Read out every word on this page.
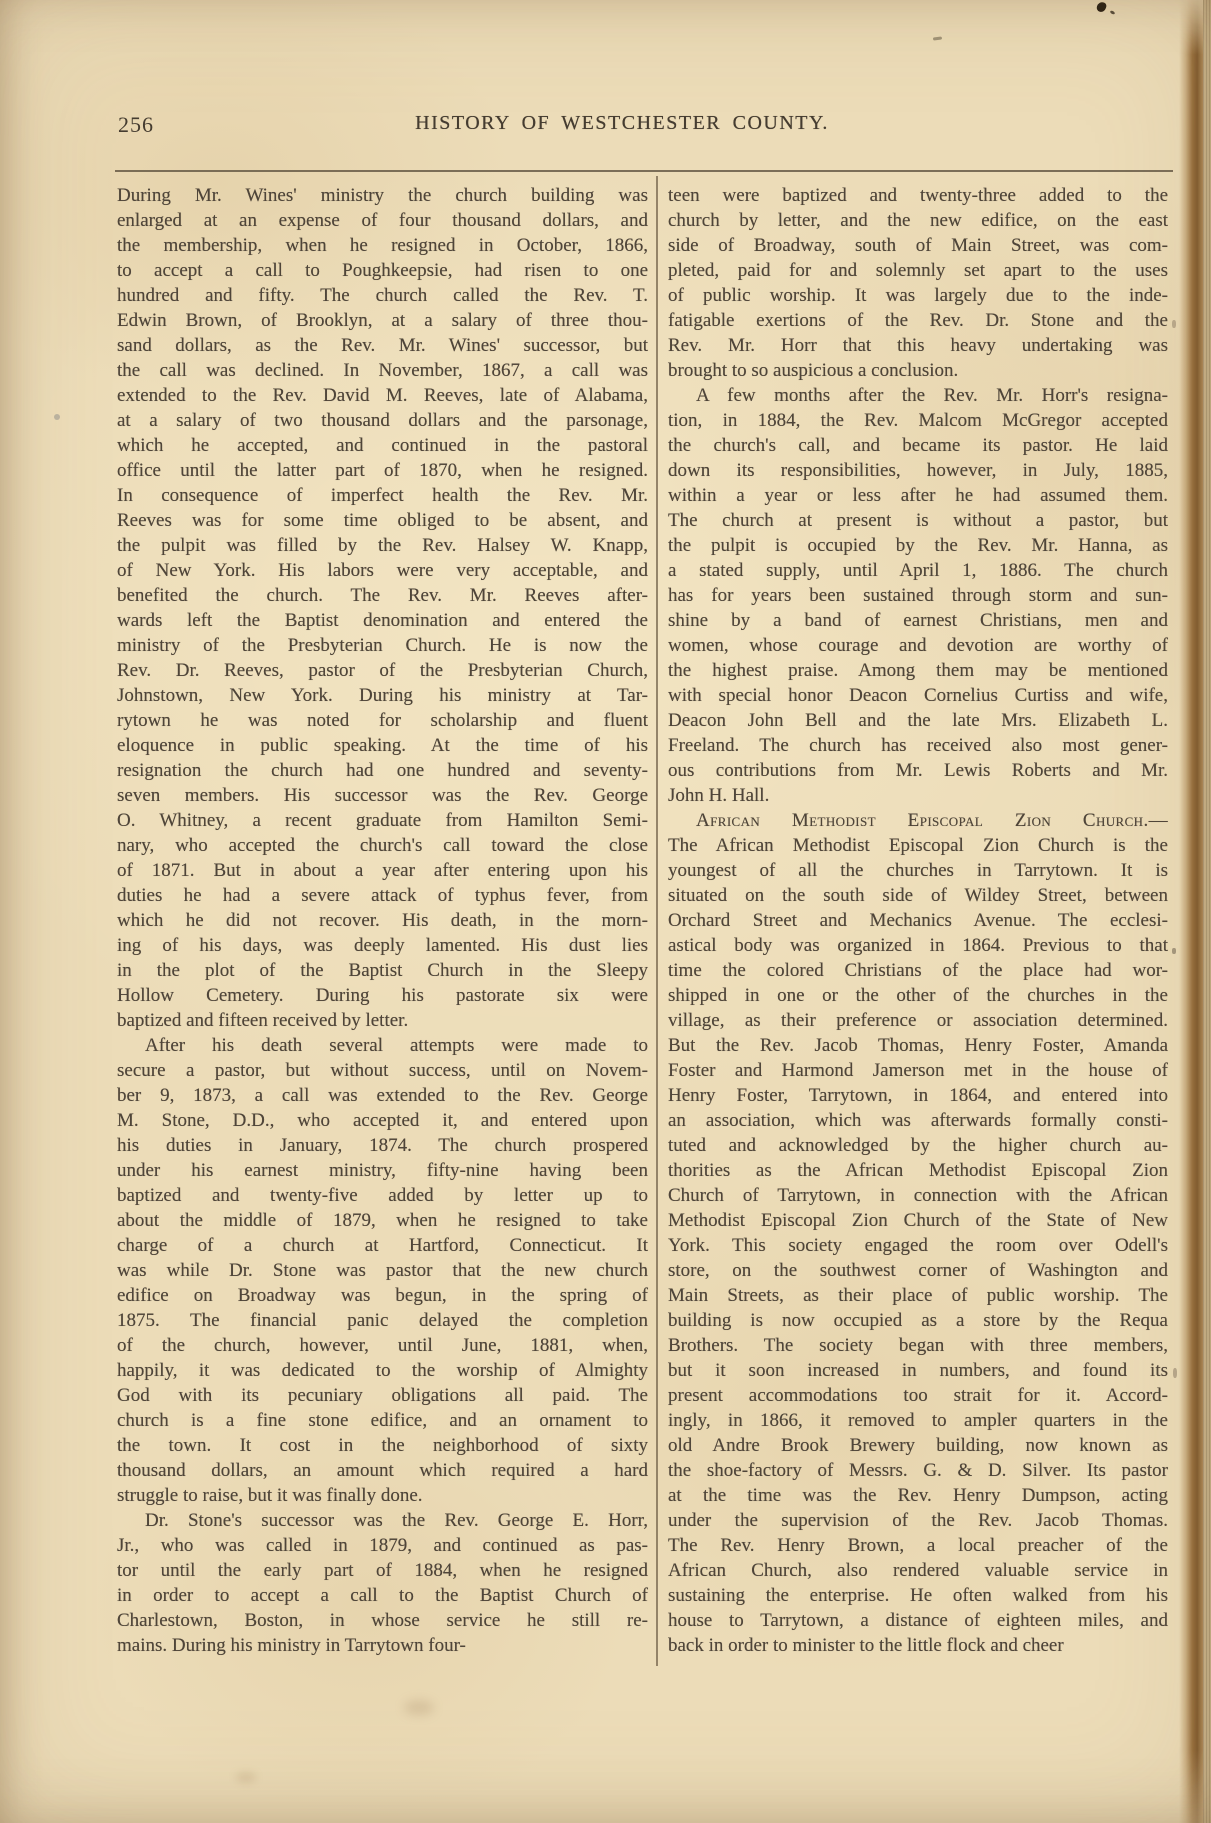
256	HISTORY OF WESTCHESTER COUNTY.
During Mr. Wines' ministry the church building was
enlarged at an expense of four thousand dollars, and
the membership, when he resigned in October, 1866,
to accept a call to Poughkeepsie, had risen to one
hundred and fifty. The church called the Rev. T.
Edwin Brown, of Brooklyn, at a salary of three thou-
sand dollars, as the Rev. Mr. Wines' successor, but
the call was declined. In November, 1867, a call was
extended to the Rev. David M. Reeves, late of Alabama,
at a salary of two thousand dollars and the parsonage,
which he accepted, and continued in the pastoral
office until the latter part of 1870, when he resigned.
In consequence of imperfect health the Rev. Mr.
Reeves was for some time obliged to be absent, and
the pulpit was filled by the Rev. Halsey W. Knapp,
of New York. His labors were very acceptable, and
benefited the church. The Rev. Mr. Reeves after-
wards left the Baptist denomination and entered the
ministry of the Presbyterian Church. He is now the
Rev. Dr. Reeves, pastor of the Presbyterian Church,
Johnstown, New York. During his ministry at Tar-
rytown he was noted for scholarship and fluent
eloquence in public speaking. At the time of his
resignation the church had one hundred and seventy-
seven members. His successor was the Rev. George
O. Whitney, a recent graduate from Hamilton Semi-
nary, who accepted the church's call toward the close
of 1871. But in about a year after entering upon his
duties he had a severe attack of typhus fever, from
which he did not recover. His death, in the morn-
ing of his days, was deeply lamented. His dust lies
in the plot of the Baptist Church in the Sleepy
Hollow Cemetery. During his pastorate six were
baptized and fifteen received by letter.
After his death several attempts were made to
secure a pastor, but without success, until on Novem-
ber 9, 1873, a call was extended to the Rev. George
M. Stone, D.D., who accepted it, and entered upon
his duties in January, 1874. The church prospered
under his earnest ministry, fifty-nine having been
baptized and twenty-five added by letter up to
about the middle of 1879, when he resigned to take
charge of a church at Hartford, Connecticut. It
was while Dr. Stone was pastor that the new church
edifice on Broadway was begun, in the spring of
1875. The financial panic delayed the completion
of the church, however, until June, 1881, when,
happily, it was dedicated to the worship of Almighty
God with its pecuniary obligations all paid. The
church is a fine stone edifice, and an ornament to
the town. It cost in the neighborhood of sixty
thousand dollars, an amount which required a hard
struggle to raise, but it was finally done.
Dr. Stone's successor was the Rev. George E. Horr,
Jr., who was called in 1879, and continued as pas-
tor until the early part of 1884, when he resigned
in order to accept a call to the Baptist Church of
Charlestown, Boston, in whose service he still re-
mains. During his ministry in Tarrytown four-
teen were baptized and twenty-three added to the
church by letter, and the new edifice, on the east
side of Broadway, south of Main Street, was com-
pleted, paid for and solemnly set apart to the uses
of public worship. It was largely due to the inde-
fatigable exertions of the Rev. Dr. Stone and the
Rev. Mr. Horr that this heavy undertaking was
brought to so auspicious a conclusion.
A few months after the Rev. Mr. Horr's resigna-
tion, in 1884, the Rev. Malcom McGregor accepted
the church's call, and became its pastor. He laid
down its responsibilities, however, in July, 1885,
within a year or less after he had assumed them.
The church at present is without a pastor, but
the pulpit is occupied by the Rev. Mr. Hanna, as
a stated supply, until April 1, 1886. The church
has for years been sustained through storm and sun-
shine by a band of earnest Christians, men and
women, whose courage and devotion are worthy of
the highest praise. Among them may be mentioned
with special honor Deacon Cornelius Curtiss and wife,
Deacon John Bell and the late Mrs. Elizabeth L.
Freeland. The church has received also most gener-
ous contributions from Mr. Lewis Roberts and Mr.
John H. Hall.
African Methodist Episcopal Zion Church.—
The African Methodist Episcopal Zion Church is the
youngest of all the churches in Tarrytown. It is
situated on the south side of Wildey Street, between
Orchard Street and Mechanics Avenue. The ecclesi-
astical body was organized in 1864. Previous to that
time the colored Christians of the place had wor-
shipped in one or the other of the churches in the
village, as their preference or association determined.
But the Rev. Jacob Thomas, Henry Foster, Amanda
Foster and Harmond Jamerson met in the house of
Henry Foster, Tarrytown, in 1864, and entered into
an association, which was afterwards formally consti-
tuted and acknowledged by the higher church au-
thorities as the African Methodist Episcopal Zion
Church of Tarrytown, in connection with the African
Methodist Episcopal Zion Church of the State of New
York. This society engaged the room over Odell's
store, on the southwest corner of Washington and
Main Streets, as their place of public worship. The
building is now occupied as a store by the Requa
Brothers. The society began with three members,
but it soon increased in numbers, and found its
present accommodations too strait for it. Accord-
ingly, in 1866, it removed to ampler quarters in the
old Andre Brook Brewery building, now known as
the shoe-factory of Messrs. G. & D. Silver. Its pastor
at the time was the Rev. Henry Dumpson, acting
under the supervision of the Rev. Jacob Thomas.
The Rev. Henry Brown, a local preacher of the
African Church, also rendered valuable service in
sustaining the enterprise. He often walked from his
house to Tarrytown, a distance of eighteen miles, and
back in order to minister to the little flock and cheer
